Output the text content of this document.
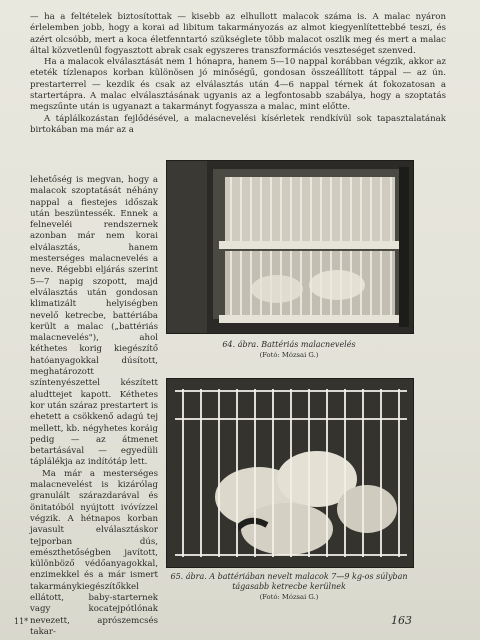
— ha a feltételek biztosítottak — kisebb az elhullott malacok száma is. A malac nyáron érlelemben jobb, hogy a korai ad libitum takarmányozás az almot kiegyenlítettebbé teszi, és azért olcsóbb, mert a koca életfenntartó szükséglete több malacot oszlik meg és mert a malac által közvetlenül fogyasztott abrak csak egyszeres transzformációs veszteséget szenved.

Ha a malacok elválasztását nem 1 hónapra, hanem 5—10 nappal korábban végzik, akkor az eteték tízlenapos korban különösen jó minőségű, gondosan összeállított táppal — az ún. prestarterrel — kezdik és csak az elválasztás után 4—6 nappal térnek át fokozatosan a startertápra. A malac elválasztásának ugyanis az a legfontosabb szabálya, hogy a szoptatás megszűnte után is ugyanazt a takarmányt fogyassza a malac, mint előtte.

A táplálkozástan fejlődésével, a malacnevelési kísérletek rendkívül sok tapasztalatának birtokában ma már az a

lehetőség is megvan, hogy a malacok szoptatását néhány nappal a fiestejes időszak után beszüntessék. Ennek a felneveléi rendszernek azonban már nem korai elválasztás, hanem mesterséges malacnevelés a neve. Régebbi eljárás szerint 5—7 napig szopott, majd elválasztás után gondosan klimatizált helyiségben nevelő ketrecbe, battériába került a malac („battériás malacnevelés"), ahol kéthetes korig kiegészítő hatóanyagokkal dúsított, meghatározott színtenyészettel készített aludttejet kapott. Kéthetes kor után száraz prestartert is ehetett a csökkenő adagú tej mellett, kb. négyhetes koráig pedig — az átmenet betartásával — egyedüli táplálékja az indítótáp lett.

Ma már a mesterséges malacnevelést is kizárólag granulált szárazdarával és önitatóból nyújtott ivóvízzel végzik. A hétnapos korban javasult elválasztáskor tejporban dús, emészthetőségben javított, különböző védőanyagokkal, enzimekkel és a már ismert takarmánykiegészítőkkel ellátott, baby-starternek vagy kocatejpótlónak nevezett, aprószemcsés takar-

64. ábra. Battériás malacnevelés
(Fotó: Mózsai G.)
65. ábra. A battériában nevelt malacok 7—9 kg-os súlyban tágasabb ketrecbe kerülnek
(Fotó: Mózsai G.)
11*	163
